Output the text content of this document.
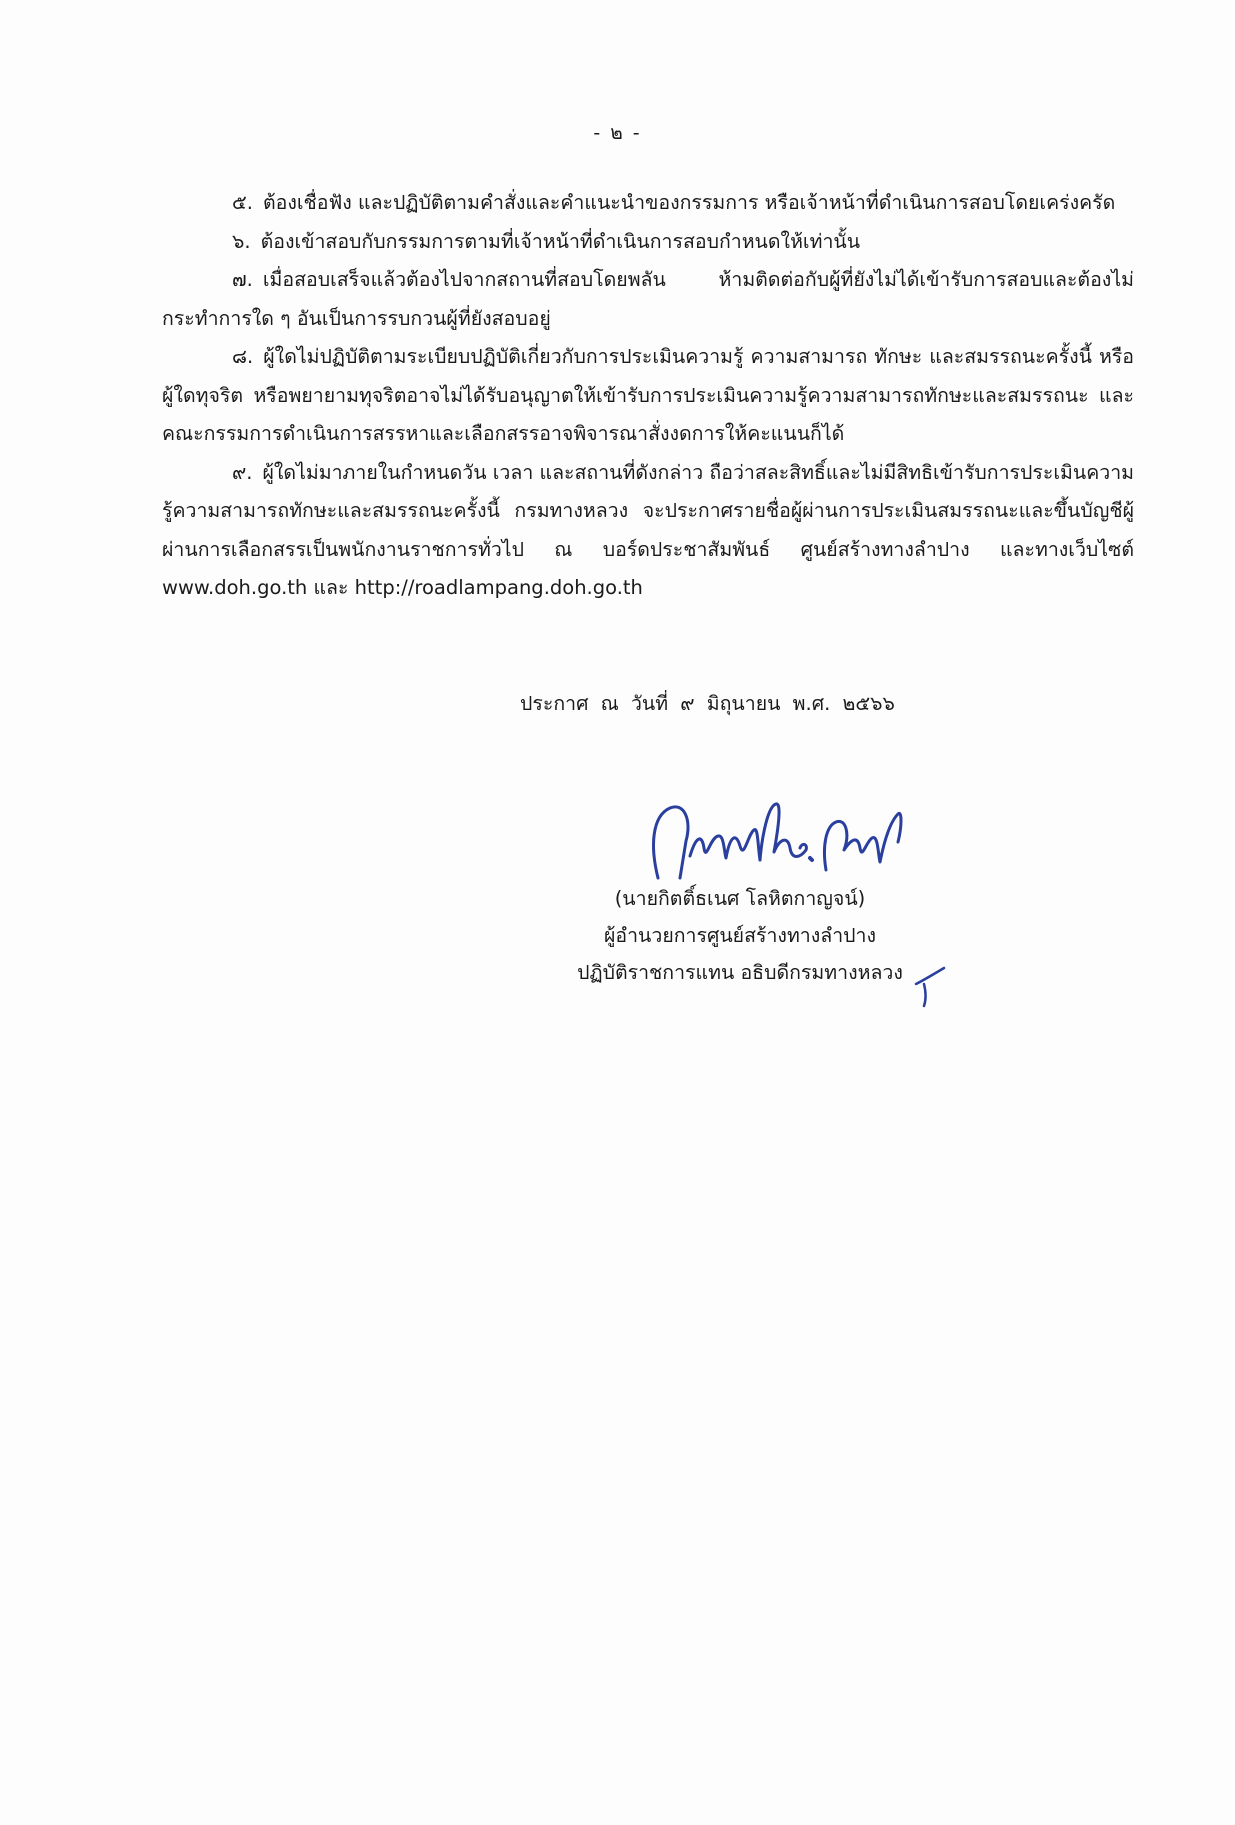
- ๒ -

๕. ต้องเชื่อฟัง และปฏิบัติตามคำสั่งและคำแนะนำของกรรมการ หรือเจ้าหน้าที่ดำเนินการสอบโดยเคร่งครัด

๖. ต้องเข้าสอบกับกรรมการตามที่เจ้าหน้าที่ดำเนินการสอบกำหนดให้เท่านั้น

๗. เมื่อสอบเสร็จแล้วต้องไปจากสถานที่สอบโดยพลัน ห้ามติดต่อกับผู้ที่ยังไม่ได้เข้ารับการสอบและต้องไม่กระทำการใด ๆ อันเป็นการรบกวนผู้ที่ยังสอบอยู่

๘. ผู้ใดไม่ปฏิบัติตามระเบียบปฏิบัติเกี่ยวกับการประเมินความรู้ ความสามารถ ทักษะ และสมรรถนะครั้งนี้ หรือผู้ใดทุจริต หรือพยายามทุจริตอาจไม่ได้รับอนุญาตให้เข้ารับการประเมินความรู้ความสามารถทักษะและสมรรถนะ และคณะกรรมการดำเนินการสรรหาและเลือกสรรอาจพิจารณาสั่งงดการให้คะแนนก็ได้

๙. ผู้ใดไม่มาภายในกำหนดวัน เวลา และสถานที่ดังกล่าว ถือว่าสละสิทธิ์และไม่มีสิทธิเข้ารับการประเมินความรู้ความสามารถทักษะและสมรรถนะครั้งนี้ กรมทางหลวง จะประกาศรายชื่อผู้ผ่านการประเมินสมรรถนะและขึ้นบัญชีผู้ผ่านการเลือกสรรเป็นพนักงานราชการทั่วไป ณ บอร์ดประชาสัมพันธ์ ศูนย์สร้างทางลำปาง และทางเว็บไซต์ www.doh.go.th และ http://roadlampang.doh.go.th

ประกาศ ณ วันที่ ๙ มิถุนายน พ.ศ. ๒๕๖๖
(นายกิตติ์ธเนศ โลหิตกาญจน์)
ผู้อำนวยการศูนย์สร้างทางลำปาง
ปฏิบัติราชการแทน อธิบดีกรมทางหลวง
